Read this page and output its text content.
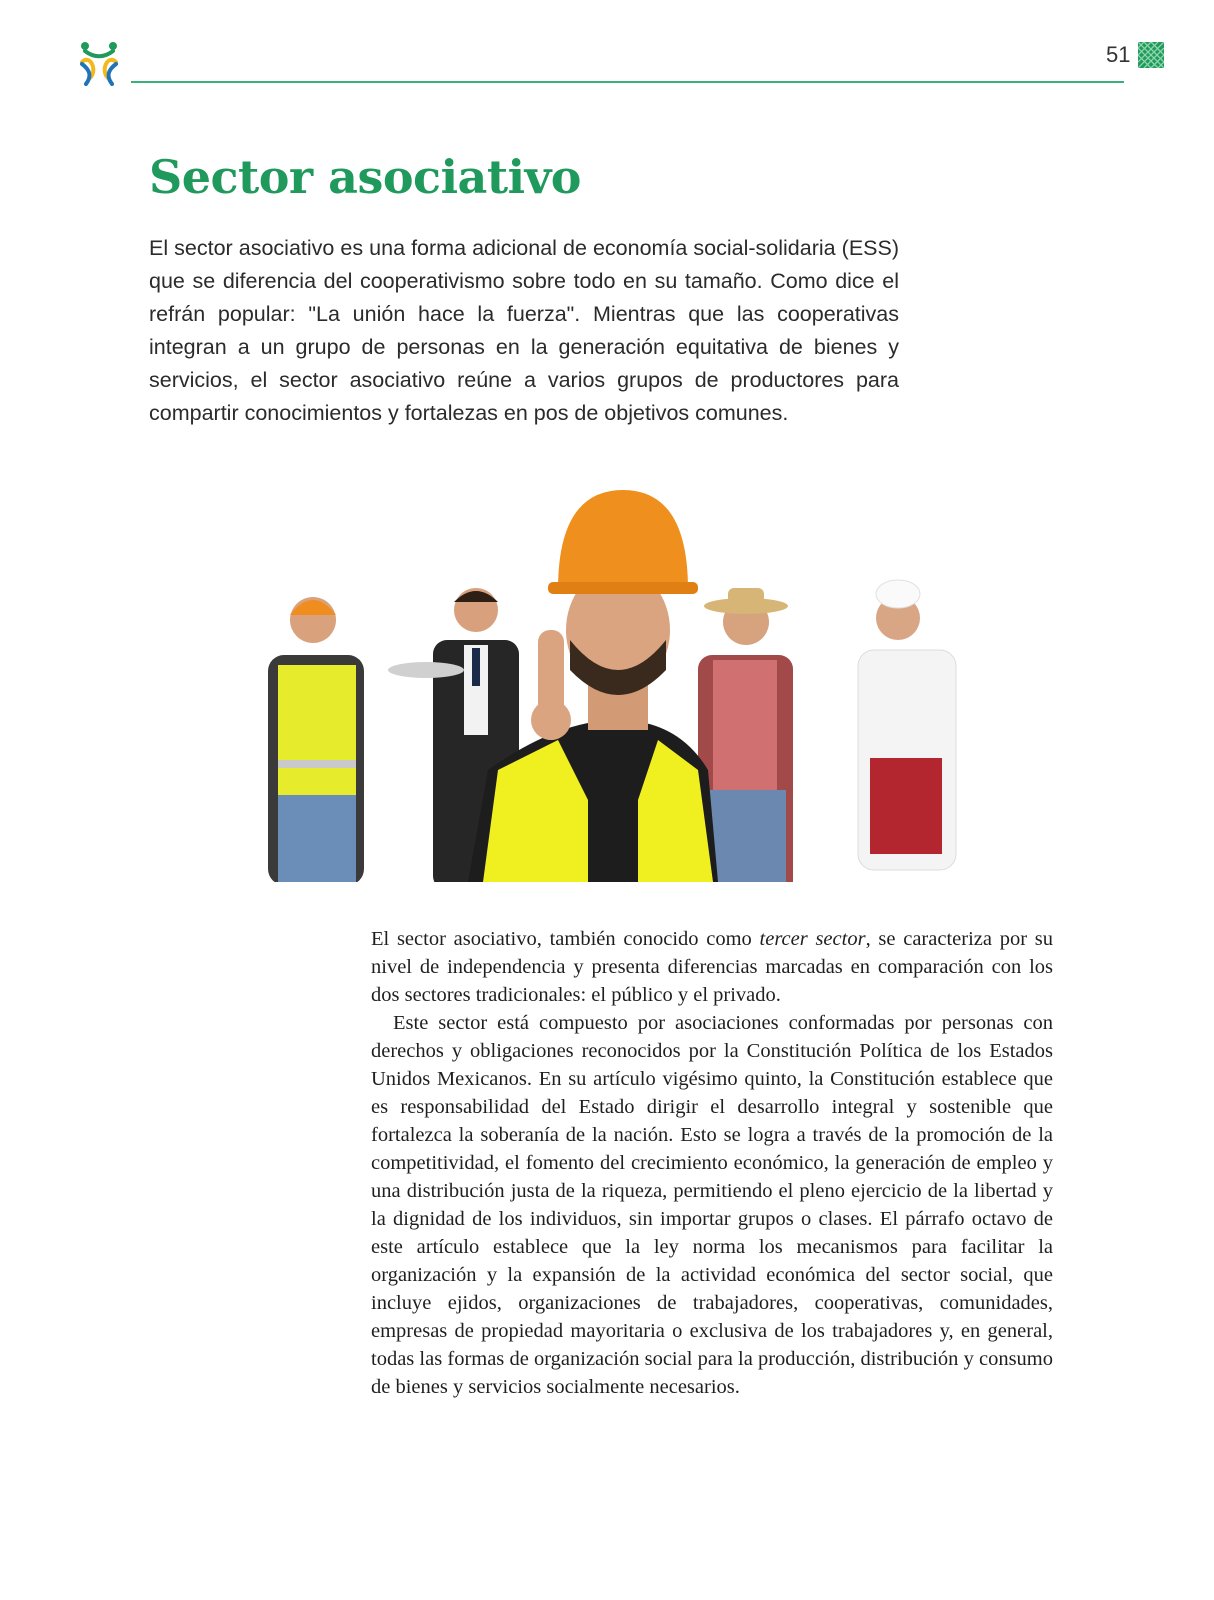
51
Sector asociativo

El sector asociativo es una forma adicional de economía social-solidaria (ESS) que se diferencia del cooperativismo sobre todo en su tamaño. Como dice el refrán popular: "La unión hace la fuerza". Mientras que las cooperativas integran a un grupo de personas en la generación equitativa de bienes y servicios, el sector asociativo reúne a varios grupos de productores para compartir conocimientos y fortalezas en pos de objetivos comunes.

El sector asociativo, también conocido como tercer sector, se caracteriza por su nivel de independencia y presenta diferencias marcadas en comparación con los dos sectores tradicionales: el público y el privado.

Este sector está compuesto por asociaciones conformadas por personas con derechos y obligaciones reconocidos por la Constitución Política de los Estados Unidos Mexicanos. En su artículo vigésimo quinto, la Constitución establece que es responsabilidad del Estado dirigir el desarrollo integral y sostenible que fortalezca la soberanía de la nación. Esto se logra a través de la promoción de la competitividad, el fomento del crecimiento económico, la generación de empleo y una distribución justa de la riqueza, permitiendo el pleno ejercicio de la libertad y la dignidad de los individuos, sin importar grupos o clases. El párrafo octavo de este artículo establece que la ley norma los mecanismos para facilitar la organización y la expansión de la actividad económica del sector social, que incluye ejidos, organizaciones de trabajadores, cooperativas, comunidades, empresas de propiedad mayoritaria o exclusiva de los trabajadores y, en general, todas las formas de organización social para la producción, distribución y consumo de bienes y servicios socialmente necesarios.
